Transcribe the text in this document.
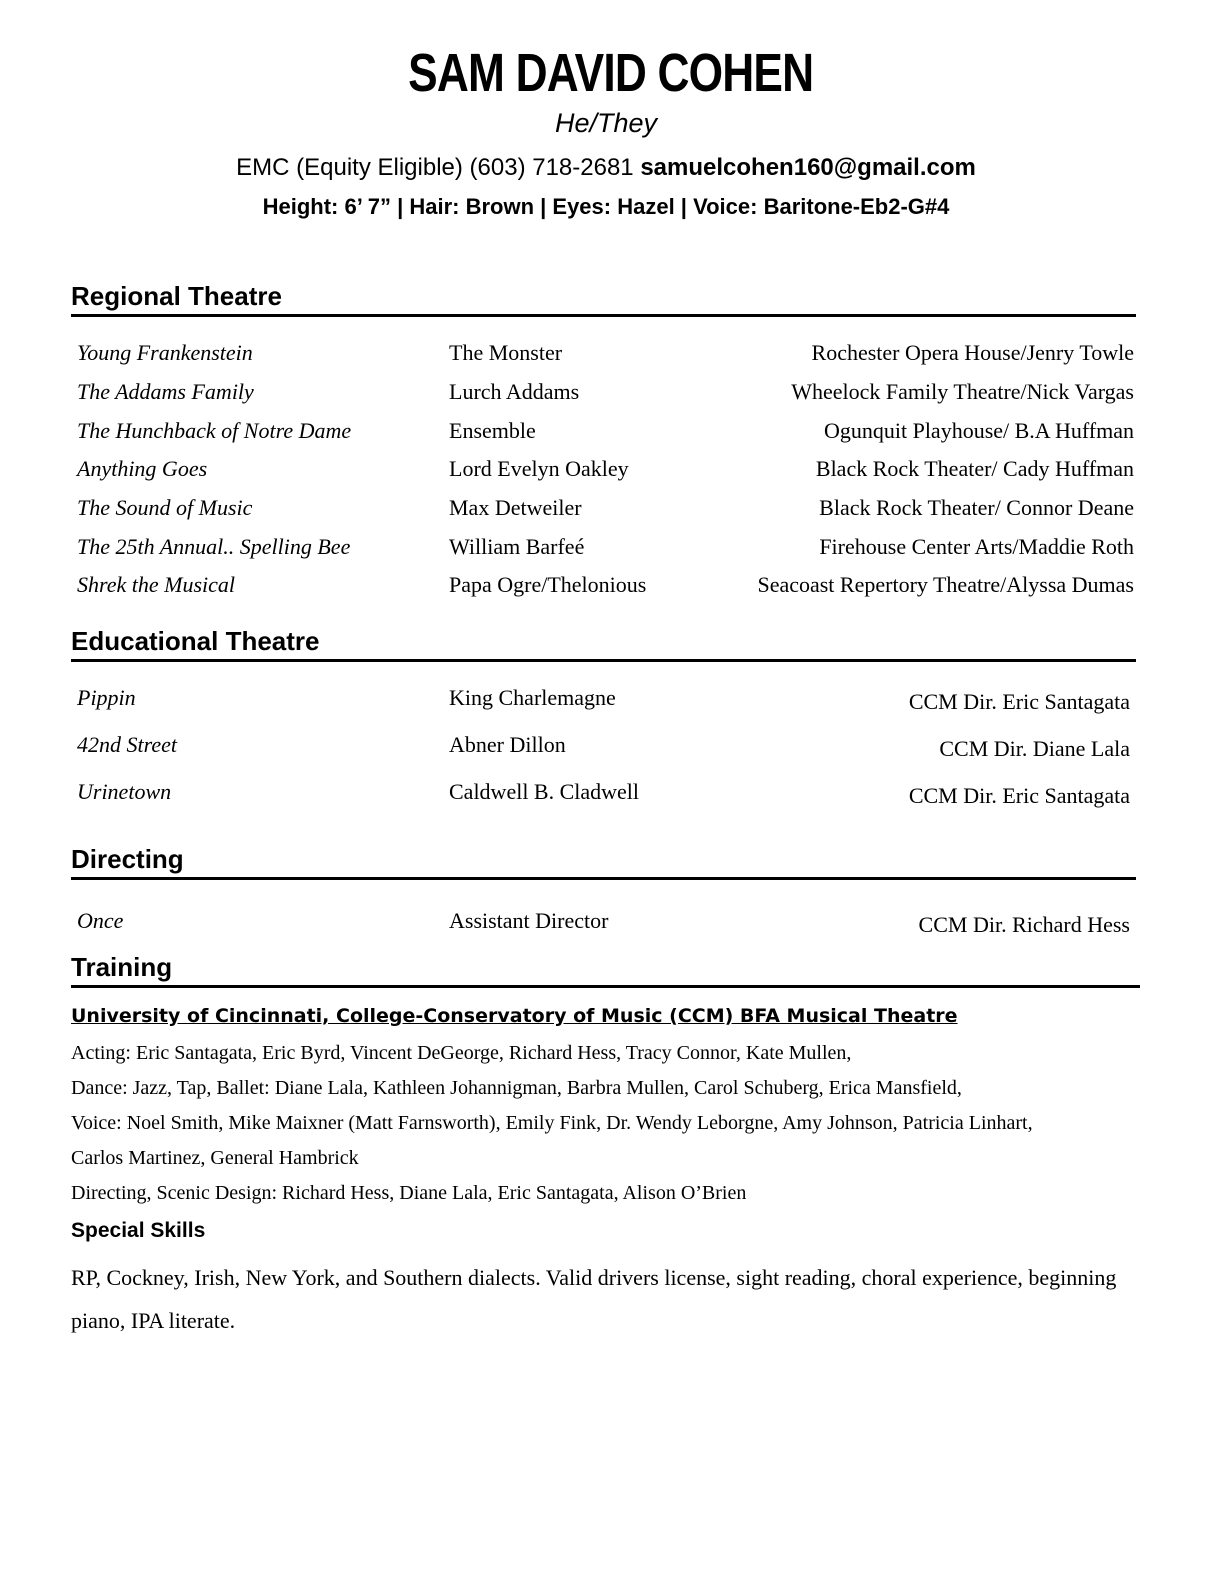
SAM DAVID COHEN

He/They

EMC (Equity Eligible) (603) 718-2681 samuelcohen160@gmail.com

Height: 6’ 7” | Hair: Brown | Eyes: Hazel | Voice: Baritone-Eb2-G#4

Regional Theatre
Young Frankenstein	The Monster	Rochester Opera House/Jenry Towle
The Addams Family	Lurch Addams	Wheelock Family Theatre/Nick Vargas
The Hunchback of Notre Dame	Ensemble	Ogunquit Playhouse/ B.A Huffman
Anything Goes	Lord Evelyn Oakley	Black Rock Theater/ Cady Huffman
The Sound of Music	Max Detweiler	Black Rock Theater/ Connor Deane
The 25th Annual.. Spelling Bee	William Barfeé	Firehouse Center Arts/Maddie Roth
Shrek the Musical	Papa Ogre/Thelonious	Seacoast Repertory Theatre/Alyssa Dumas
Educational Theatre
Pippin	King Charlemagne	CCM Dir. Eric Santagata
42nd Street	Abner Dillon	CCM Dir. Diane Lala
Urinetown	Caldwell B. Cladwell	CCM Dir. Eric Santagata
Directing
Once	Assistant Director	CCM Dir. Richard Hess
Training

University of Cincinnati, College-Conservatory of Music (CCM) BFA Musical Theatre

Acting: Eric Santagata, Eric Byrd, Vincent DeGeorge, Richard Hess, Tracy Connor, Kate Mullen,

Dance: Jazz, Tap, Ballet: Diane Lala, Kathleen Johannigman, Barbra Mullen, Carol Schuberg, Erica Mansfield,

Voice: Noel Smith, Mike Maixner (Matt Farnsworth), Emily Fink, Dr. Wendy Leborgne, Amy Johnson, Patricia Linhart,

Carlos Martinez, General Hambrick

Directing, Scenic Design: Richard Hess, Diane Lala, Eric Santagata, Alison O’Brien

Special Skills

RP, Cockney, Irish, New York, and Southern dialects. Valid drivers license, sight reading, choral experience, beginning piano, IPA literate.
